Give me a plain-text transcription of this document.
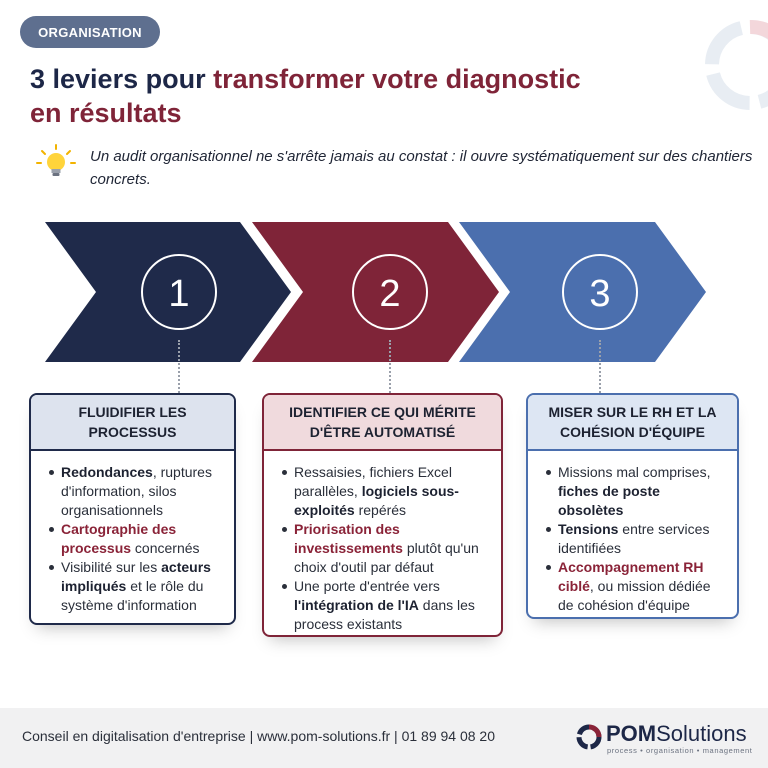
ORGANISATION
3 leviers pour transformer votre diagnostic
en résultats
Un audit organisationnel ne s'arrête jamais au constat : il ouvre systématiquement sur des chantiers concrets.
1	2	3
FLUIDIFIER LES PROCESSUS
Redondances, ruptures d'information, silos organisationnels
Cartographie des processus concernés
Visibilité sur les acteurs impliqués et le rôle du système d'information
IDENTIFIER CE QUI MÉRITE D'ÊTRE AUTOMATISÉ
Ressaisies, fichiers Excel parallèles, logiciels sous-exploités repérés
Priorisation des investissements plutôt qu'un choix d'outil par défaut
Une porte d'entrée vers l'intégration de l'IA dans les process existants
MISER SUR LE RH ET LA COHÉSION D'ÉQUIPE
Missions mal comprises, fiches de poste obsolètes
Tensions entre services identifiées
Accompagnement RH ciblé, ou mission dédiée de cohésion d'équipe
Conseil en digitalisation d'entreprise | www.pom-solutions.fr | 01 89 94 08 20	POMSolutions
process • organisation • management
